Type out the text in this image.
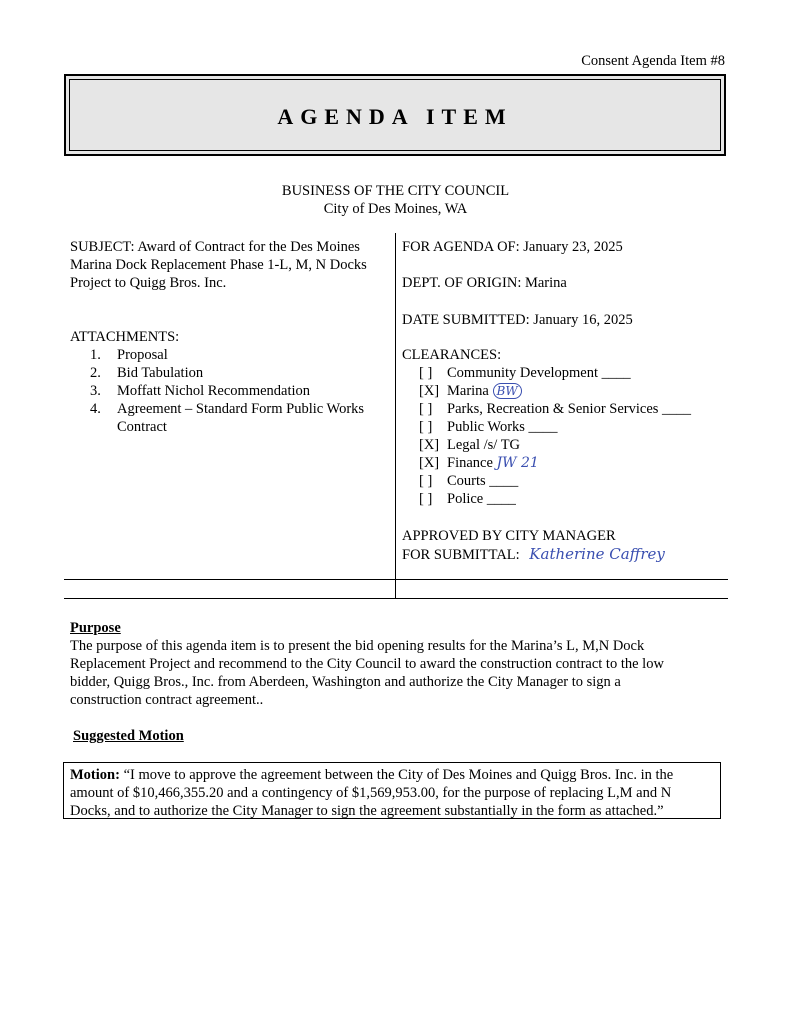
Consent Agenda Item #8
AGENDA ITEM
BUSINESS OF THE CITY COUNCIL
City of Des Moines, WA
SUBJECT: Award of Contract for the Des Moines
Marina Dock Replacement Phase 1-L, M, N Docks
Project to Quigg Bros. Inc.
ATTACHMENTS:
1. Proposal
2. Bid Tabulation
3. Moffatt Nichol Recommendation
4. Agreement – Standard Form Public Works
Contract
FOR AGENDA OF: January 23, 2025
DEPT. OF ORIGIN: Marina
DATE SUBMITTED: January 16, 2025
CLEARANCES:
[ ] Community Development ____
[X] Marina BW
[ ] Parks, Recreation & Senior Services ____
[ ] Public Works ____
[X] Legal /s/ TG
[X] Finance JW 21
[ ] Courts ____
[ ] Police ____
APPROVED BY CITY MANAGER
FOR SUBMITTAL: Katherine Caffrey
Purpose
The purpose of this agenda item is to present the bid opening results for the Marina’s L, M,N Dock
Replacement Project and recommend to the City Council to award the construction contract to the low
bidder, Quigg Bros., Inc. from Aberdeen, Washington and authorize the City Manager to sign a
construction contract agreement..
Suggested Motion
Motion: “I move to approve the agreement between the City of Des Moines and Quigg Bros. Inc. in the amount of $10,466,355.20 and a contingency of $1,569,953.00, for the purpose of replacing L,M and N Docks, and to authorize the City Manager to sign the agreement substantially in the form as attached.”
